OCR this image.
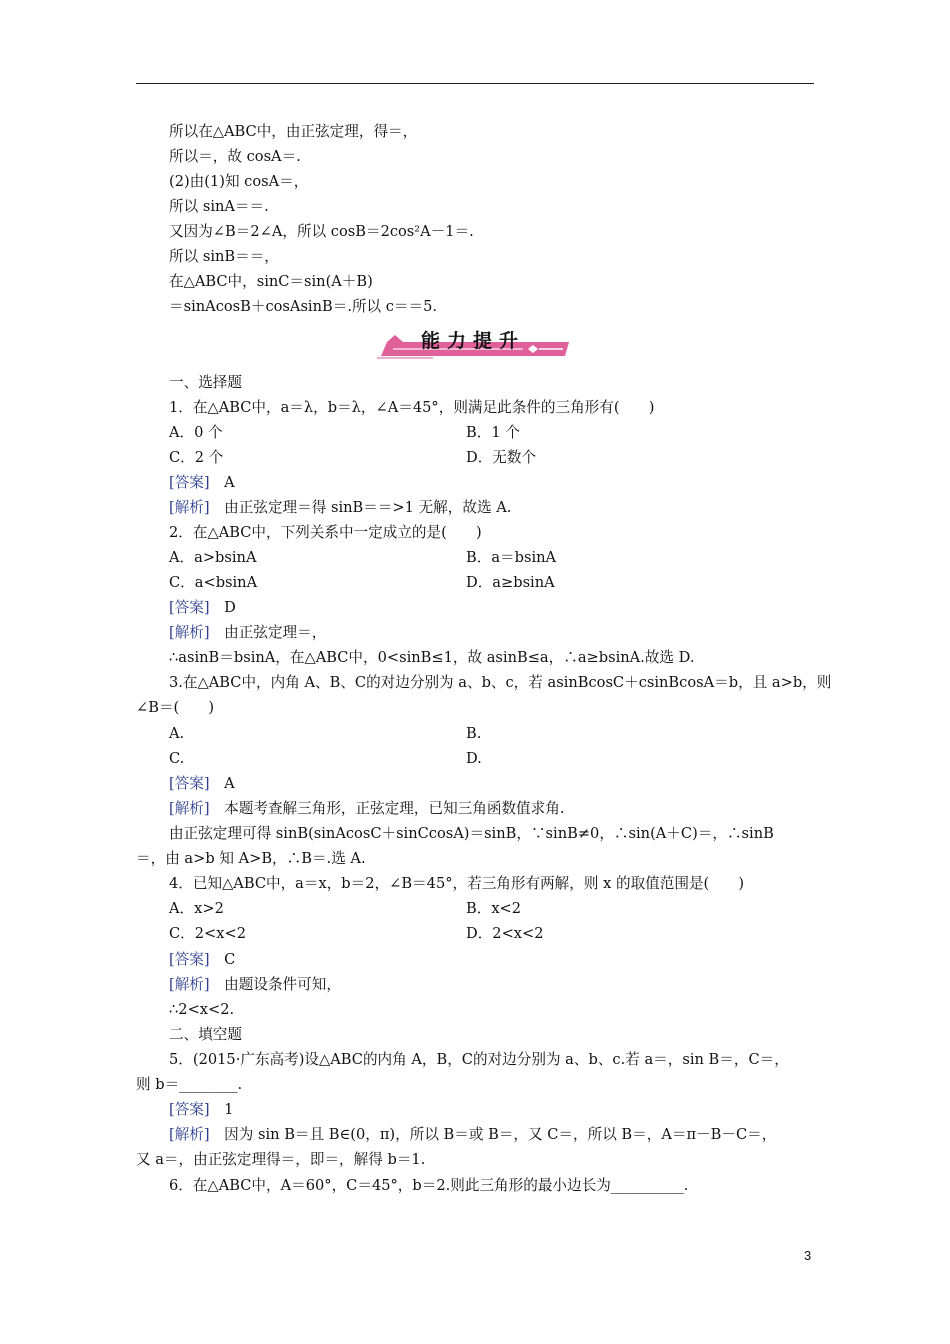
所以在△ABC中，由正弦定理，得＝，
所以＝，故 cosA＝.
(2)由(1)知 cosA＝，
所以 sinA＝＝.
又因为∠B＝2∠A，所以 cosB＝2cos²A－1＝.
所以 sinB＝＝，
在△ABC中，sinC＝sin(A＋B)
＝sinAcosB＋cosAsinB＝.所以 c＝＝5.
能力提升
一、选择题
1．在△ABC中，a＝λ，b＝λ，∠A＝45°，则满足此条件的三角形有(　　)
A．0 个	B．1 个
C．2 个	D．无数个
[答案]　A
[解析]　由正弦定理＝得 sinB＝＝>1 无解，故选 A.
2．在△ABC中，下列关系中一定成立的是(　　)
A．a>bsinA	B．a＝bsinA
C．a<bsinA	D．a≥bsinA
[答案]　D
[解析]　由正弦定理＝，
∴asinB＝bsinA，在△ABC中，0<sinB≤1，故 asinB≤a，∴a≥bsinA.故选 D.
3.在△ABC中，内角 A、B、C的对边分别为 a、b、c，若 asinBcosC＋csinBcosA＝b，且 a>b，则
∠B＝(　　)
A.	B.
C.	D.
[答案]　A
[解析]　本题考查解三角形，正弦定理，已知三角函数值求角.
由正弦定理可得 sinB(sinAcosC＋sinCcosA)＝sinB，∵sinB≠0，∴sin(A＋C)＝，∴sinB
＝，由 a>b 知 A>B，∴B＝.选 A.
4．已知△ABC中，a＝x，b＝2，∠B＝45°，若三角形有两解，则 x 的取值范围是(　　)
A．x>2	B．x<2
C．2<x<2	D．2<x<2
[答案]　C
[解析]　由题设条件可知，
∴2<x<2.
二、填空题
5．(2015·广东高考)设△ABC的内角 A，B，C的对边分别为 a、b、c.若 a＝，sin B＝，C＝，
则 b＝________.
[答案]　1
[解析]　因为 sin B＝且 B∈(0，π)，所以 B＝或 B＝，又 C＝，所以 B＝，A＝π－B－C＝，
又 a＝，由正弦定理得＝，即＝，解得 b＝1.
6．在△ABC中，A＝60°，C＝45°，b＝2.则此三角形的最小边长为__________.
3
